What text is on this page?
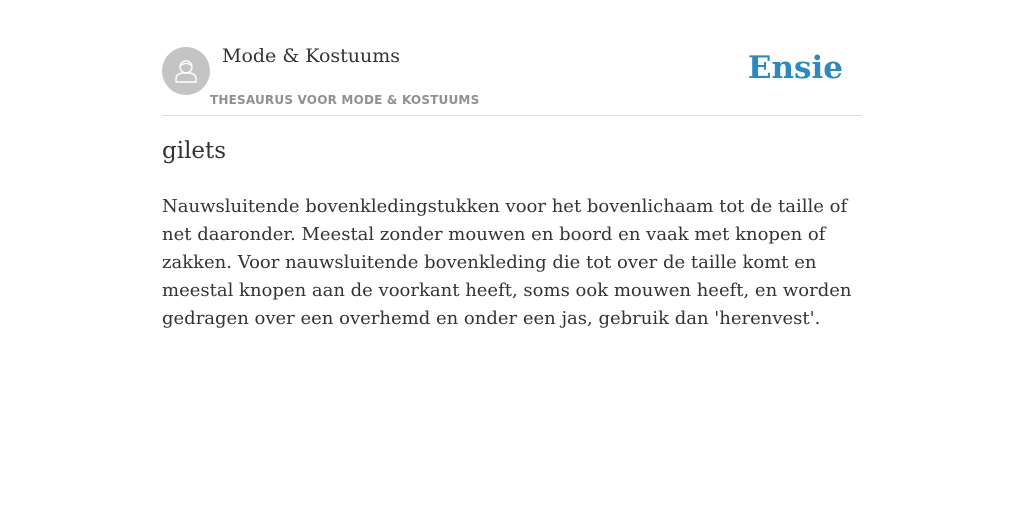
Mode & Kostuums
THESAURUS VOOR MODE & KOSTUUMS
Ensie
gilets

Nauwsluitende bovenkledingstukken voor het bovenlichaam tot de taille of net daaronder. Meestal zonder mouwen en boord en vaak met knopen of zakken. Voor nauwsluitende bovenkleding die tot over de taille komt en meestal knopen aan de voorkant heeft, soms ook mouwen heeft, en worden gedragen over een overhemd en onder een jas, gebruik dan 'herenvest'.
